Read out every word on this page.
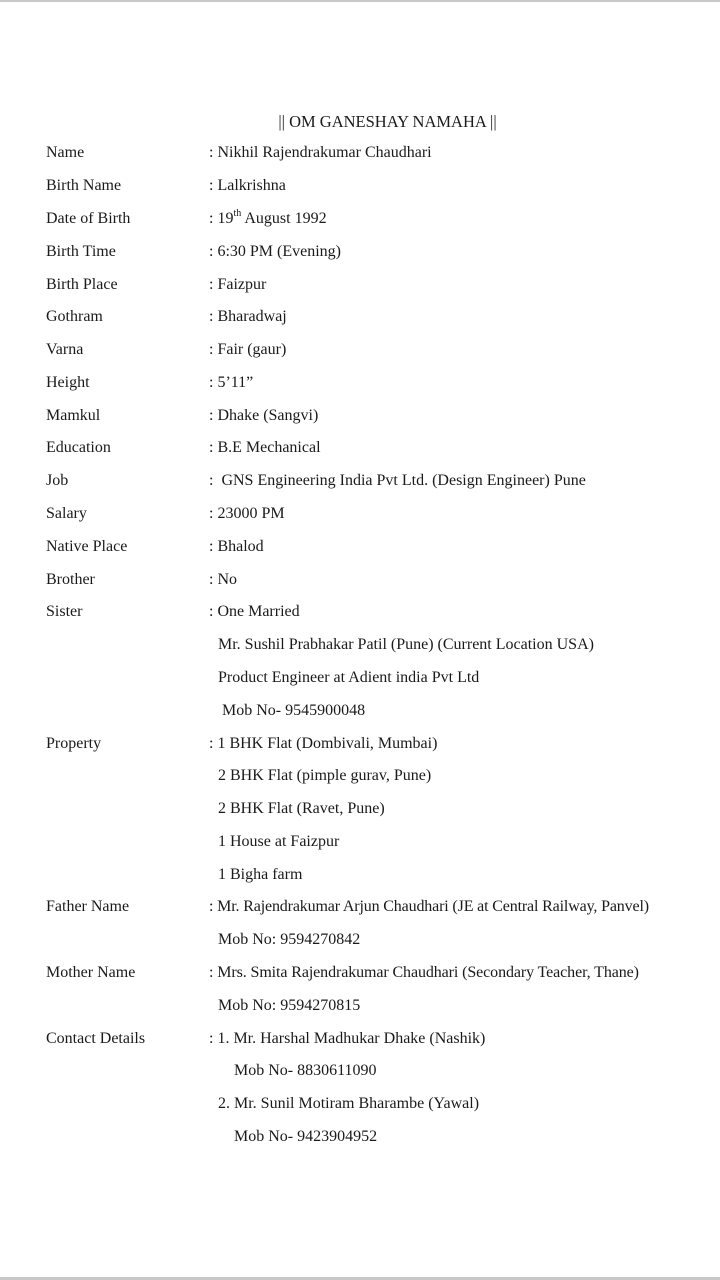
|| OM GANESHAY NAMAHA ||
Name	: Nikhil Rajendrakumar Chaudhari
Birth Name	: Lalkrishna
Date of Birth	: 19th August 1992
Birth Time	: 6:30 PM (Evening)
Birth Place	: Faizpur
Gothram	: Bharadwaj
Varna	: Fair (gaur)
Height	: 5’11”
Mamkul	: Dhake (Sangvi)
Education	: B.E Mechanical
Job	:  GNS Engineering India Pvt Ltd. (Design Engineer) Pune
Salary	: 23000 PM
Native Place	: Bhalod
Brother	: No
Sister	: One Married
Mr. Sushil Prabhakar Patil (Pune) (Current Location USA)
Product Engineer at Adient india Pvt Ltd
Mob No- 9545900048
Property	: 1 BHK Flat (Dombivali, Mumbai)
2 BHK Flat (pimple gurav, Pune)
2 BHK Flat (Ravet, Pune)
1 House at Faizpur
1 Bigha farm
Father Name	: Mr. Rajendrakumar Arjun Chaudhari (JE at Central Railway, Panvel)
Mob No: 9594270842
Mother Name	: Mrs. Smita Rajendrakumar Chaudhari (Secondary Teacher, Thane)
Mob No: 9594270815
Contact Details	: 1. Mr. Harshal Madhukar Dhake (Nashik)
Mob No- 8830611090
2. Mr. Sunil Motiram Bharambe (Yawal)
Mob No- 9423904952
